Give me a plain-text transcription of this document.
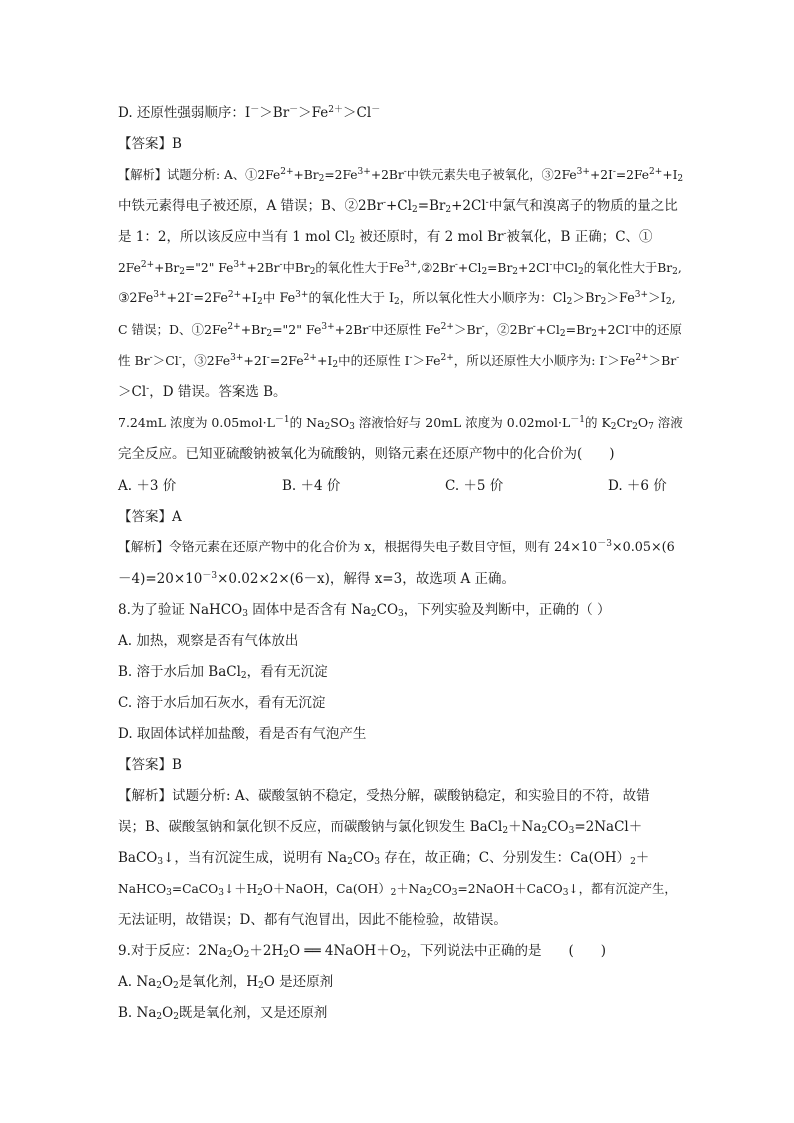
D. 还原性强弱顺序：$I^->Br^->Fe^{2+}>Cl^-$
【答案】B
【解析】试题分析: A、$①2Fe^{2+}+Br_2=2Fe^{3+}+2Br^-$中铁元素失电子被氧化，$③2Fe^{3+}+2I^-=2Fe^{2+}+I_2$
中铁元素得电子被还原，A 错误；B、$②2Br^-+Cl_2=Br_2+2Cl^-$中氯气和溴离子的物质的量之比
是 1：2，所以该反应中当有 1 mol $Cl_2$ 被还原时，有 2 mol Br-被氧化，B 正确；C、①
$2Fe^{2+}+Br_2="2$" $Fe^{3+}+2Br^-$中$Br_2$的氧化性大于$Fe^{3+},②2Br^-+Cl_2=Br_2+2Cl^-$中$Cl_2$的氧化性大于$Br_2$,
$③2Fe^{3+}+2I^-=2Fe^{2+}+I_2$中 $Fe^{3+}$的氧化性大于 $I_2$，所以氧化性大小顺序为：$Cl_2>Br_2>Fe^{3+}>I_2$,
C 错误；D、$①2Fe^{2+}+Br_2="2$" $Fe^{3+}+2Br^-$中还原性 $Fe^{2+}>Br^-$，$②2Br^-+Cl_2=Br_2+2Cl^-$中的还原
性 Br-＞Cl-，$③2Fe^{3+}+2I^-=2Fe^{2+}+I_2$中的还原性 $I^->Fe^{2+}$，所以还原性大小顺序为: $I^->Fe^{2+}>Br^-$
＞Cl-，D 错误。答案选 B。
7.24mL 浓度为 $0.05mol\cdot L^{-1}$的 $Na_2SO_3$ 溶液恰好与 20mL 浓度为 $0.02mol\cdot L^{-1}$的 $K_2Cr_2O_7$ 溶液
完全反应。已知亚硫酸钠被氧化为硫酸钠，则铬元素在还原产物中的化合价为(　　)
A. ＋3 价	B. ＋4 价	C. ＋5 价	D. ＋6 价
【答案】A
【解析】令铬元素在还原产物中的化合价为 x，根据得失电子数目守恒，则有 $24\times 10^{-3}\times 0.05\times(6$
$-4)=20\times 10^{-3}\times 0.02\times 2\times(6-x)$，解得 x=3，故选项 A 正确。
8.为了验证 NaHCO$_3$ 固体中是否含有 $Na_2CO_3$，下列实验及判断中，正确的（ ）
A. 加热，观察是否有气体放出
B. 溶于水后加 BaCl$_2$，看有无沉淀
C. 溶于水后加石灰水，看有无沉淀
D. 取固体试样加盐酸，看是否有气泡产生
【答案】B
【解析】试题分析: A、碳酸氢钠不稳定，受热分解，碳酸钠稳定，和实验目的不符，故错
误；B、碳酸氢钠和氯化钡不反应，而碳酸钠与氯化钡发生 $BaCl_2+Na_2CO_3=2NaCl+$
BaCO$_3$↓，当有沉淀生成，说明有 $Na_2CO_3$ 存在，故正确；C、分别发生：$Ca(OH)_2+$
$NaHCO_3=CaCO_3↓+H_2O+NaOH$，$Ca(OH)_2+Na_2CO_3=2NaOH+CaCO_3↓$，都有沉淀产生，
无法证明，故错误；D、都有气泡冒出，因此不能检验，故错误。
9.对于反应：$2Na_2O_2+2H_2O$ ══ $4NaOH+O_2$，下列说法中正确的是　　(　　)
A. $Na_2O_2$是氧化剂，$H_2O$ 是还原剂
B. $Na_2O_2$既是氧化剂，又是还原剂
